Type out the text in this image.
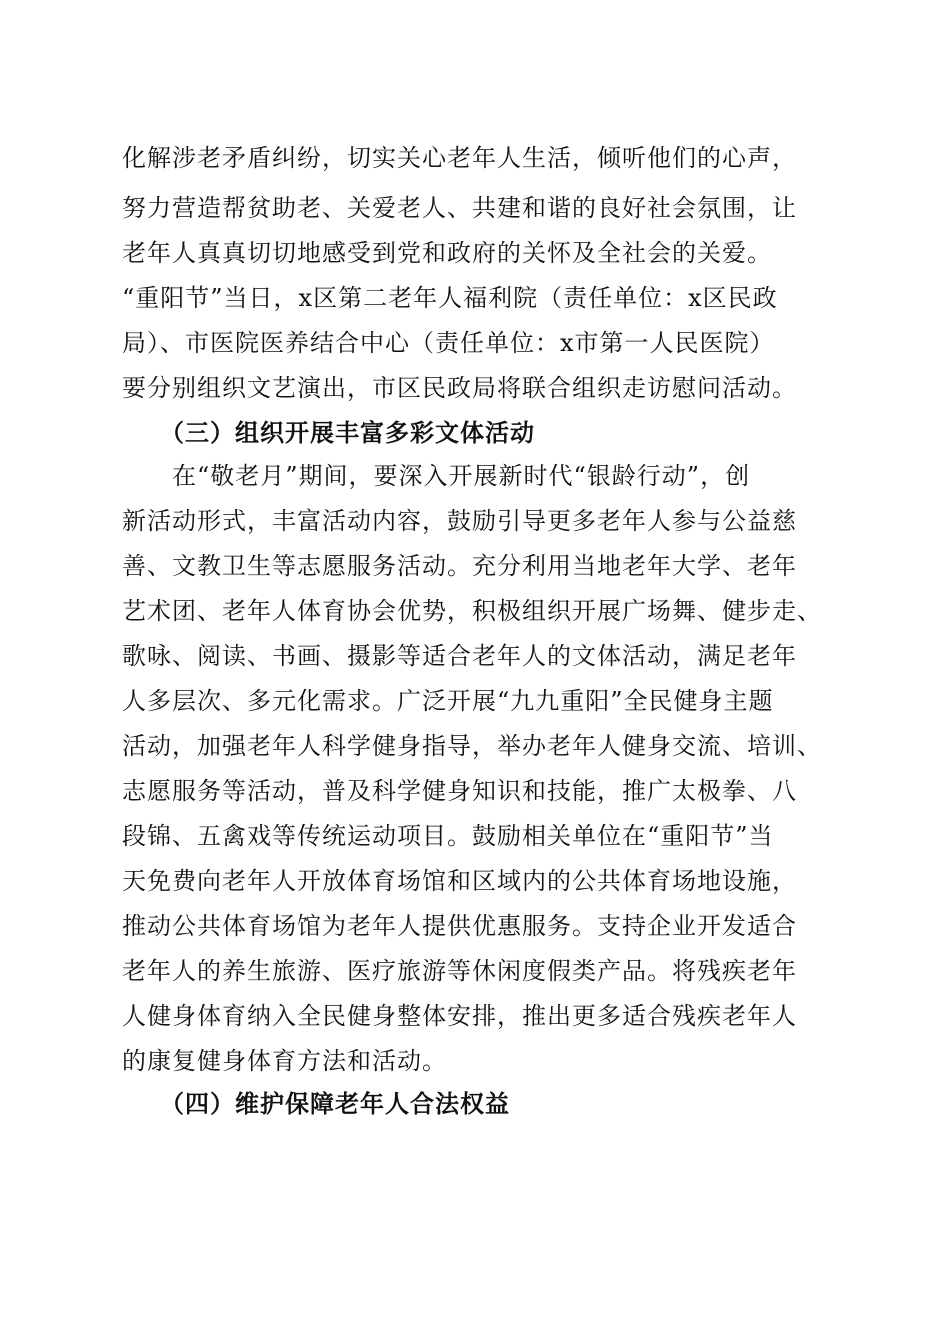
化解涉老矛盾纠纷，切实关心老年人生活，倾听他们的心声，
努力营造帮贫助老、关爱老人、共建和谐的良好社会氛围，让
老年人真真切切地感受到党和政府的关怀及全社会的关爱。
“重阳节”当日，x区第二老年人福利院（责任单位：x区民政
局）、市医院医养结合中心（责任单位：x市第一人民医院）
要分别组织文艺演出，市区民政局将联合组织走访慰问活动。
　　（三）组织开展丰富多彩文体活动
　　在“敬老月”期间，要深入开展新时代“银龄行动”，创
新活动形式，丰富活动内容，鼓励引导更多老年人参与公益慈
善、文教卫生等志愿服务活动。充分利用当地老年大学、老年
艺术团、老年人体育协会优势，积极组织开展广场舞、健步走、
歌咏、阅读、书画、摄影等适合老年人的文体活动，满足老年
人多层次、多元化需求。广泛开展“九九重阳”全民健身主题
活动，加强老年人科学健身指导，举办老年人健身交流、培训、
志愿服务等活动，普及科学健身知识和技能，推广太极拳、八
段锦、五禽戏等传统运动项目。鼓励相关单位在“重阳节”当
天免费向老年人开放体育场馆和区域内的公共体育场地设施，
推动公共体育场馆为老年人提供优惠服务。支持企业开发适合
老年人的养生旅游、医疗旅游等休闲度假类产品。将残疾老年
人健身体育纳入全民健身整体安排，推出更多适合残疾老年人
的康复健身体育方法和活动。
　　（四）维护保障老年人合法权益
